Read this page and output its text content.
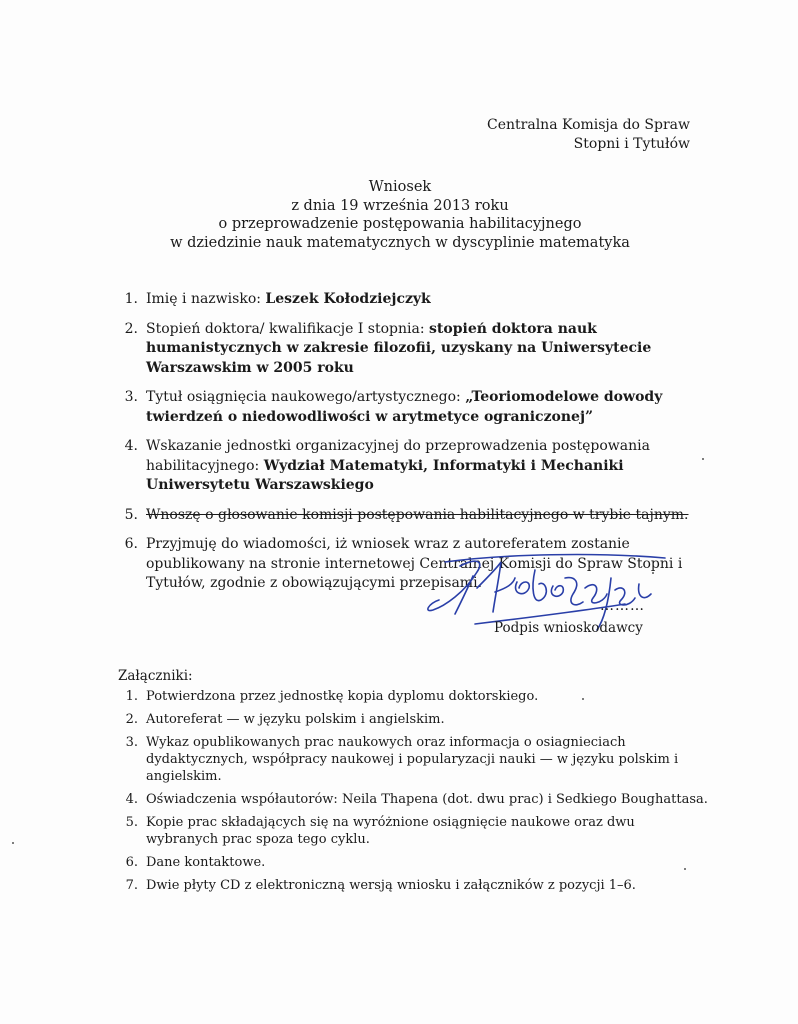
Centralna Komisja do Spraw
Stopni i Tytułów
Wniosek
z dnia 19 września 2013 roku
o przeprowadzenie postępowania habilitacyjnego
w dziedzinie nauk matematycznych w dyscyplinie matematyka
1. Imię i nazwisko: Leszek Kołodziejczyk
2. Stopień doktora/ kwalifikacje I stopnia: stopień doktora nauk humanistycznych w zakresie filozofii, uzyskany na Uniwersytecie Warszawskim w 2005 roku
3. Tytuł osiągnięcia naukowego/artystycznego: „Teoriomodelowe dowody twierdzeń o niedowodliwości w arytmetyce ograniczonej”
4. Wskazanie jednostki organizacyjnej do przeprowadzenia postępowania habilitacyjnego: Wydział Matematyki, Informatyki i Mechaniki Uniwersytetu Warszawskiego
5. Wnoszę o głosowanie komisji postępowania habilitacyjnego w trybie tajnym.
6. Przyjmuję do wiadomości, iż wniosek wraz z autoreferatem zostanie opublikowany na stronie internetowej Centralnej Komisji do Spraw Stopni i Tytułów, zgodnie z obowiązującymi przepisami.
………
Podpis wnioskodawcy
Załączniki:
1. Potwierdzona przez jednostkę kopia dyplomu doktorskiego.
2. Autoreferat — w języku polskim i angielskim.
3. Wykaz opublikowanych prac naukowych oraz informacja o osiagnieciach dydaktycznych, współpracy naukowej i popularyzacji nauki — w języku polskim i angielskim.
4. Oświadczenia współautorów: Neila Thapena (dot. dwu prac) i Sedkiego Boughattasa.
5. Kopie prac składających się na wyróżnione osiągnięcie naukowe oraz dwu wybranych prac spoza tego cyklu.
6. Dane kontaktowe.
7. Dwie płyty CD z elektroniczną wersją wniosku i załączników z pozycji 1–6.
